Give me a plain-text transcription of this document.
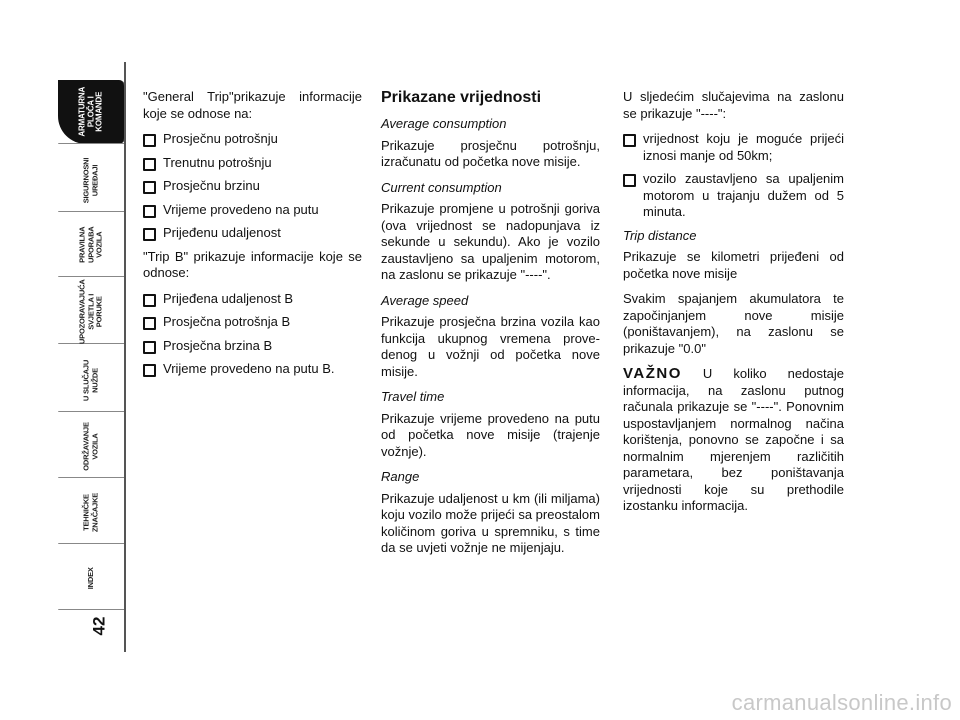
ARMATURNA
PLOČA I
KOMANDE
SIGURNOSNI
UREĐAJI
PRAVILNA
UPORABA
VOZILA
UPOZORAVAJUĆA
SVJETLA I
PORUKE
U SLUČAJU
NUŽDE
ODRŽAVANJE
VOZILA
TEHNIČKE
ZNAČAJKE
INDEX
42

"General Trip"prikazuje informacije koje se odnose na:

Prosječnu potrošnju
Trenutnu potrošnju
Prosječnu brzinu
Vrijeme provedeno na putu
Prijeđenu udaljenost

"Trip B" prikazuje informacije koje se odnose:

Prijeđena udaljenost B
Prosječna potrošnja B
Prosječna brzina B
Vrijeme provedeno na putu B.
Prikazane vrijednosti

Average consumption

Prikazuje prosječnu potrošnju, izračunatu od početka nove misije.

Current consumption

Prikazuje promjene u potrošnji goriva (ova vrijednost se nadopunjava iz sekunde u sekundu). Ako je vozilo zaustavljeno sa upaljenim motorom, na zaslonu se prikazuje "----".

Average speed

Prikazuje prosječna brzina vozila kao funkcija ukupnog vremena prove-denog u vožnji od početka nove misije.

Travel time

Prikazuje vrijeme provedeno na putu od početka nove misije (trajenje vožnje).

Range

Prikazuje udaljenost u km (ili miljama) koju vozilo može prijeći sa preostalom količinom goriva u spremniku, s time da se uvjeti vožnje ne mijenjaju.

U sljedećim slučajevima na zaslonu se prikazuje "----":

vrijednost koju je moguće prijeći iznosi manje od 50km;
vozilo zaustavljeno sa upaljenim motorom u trajanju dužem od 5 minuta.

Trip distance

Prikazuje se kilometri prijeđeni od početka nove misije

Svakim spajanjem akumulatora te započinjanjem nove misije (poništavanjem), na zaslonu se prikazuje "0.0"

VAŽNO U koliko nedostaje informacija, na zaslonu putnog računala prikazuje se "----". Ponovnim uspostavljanjem normalnog načina korištenja, ponovno se započne i sa normalnim mjerenjem različitih parametara, bez poništavanja vrijednosti koje su prethodile izostanku informacija.

carmanualsonline.info
